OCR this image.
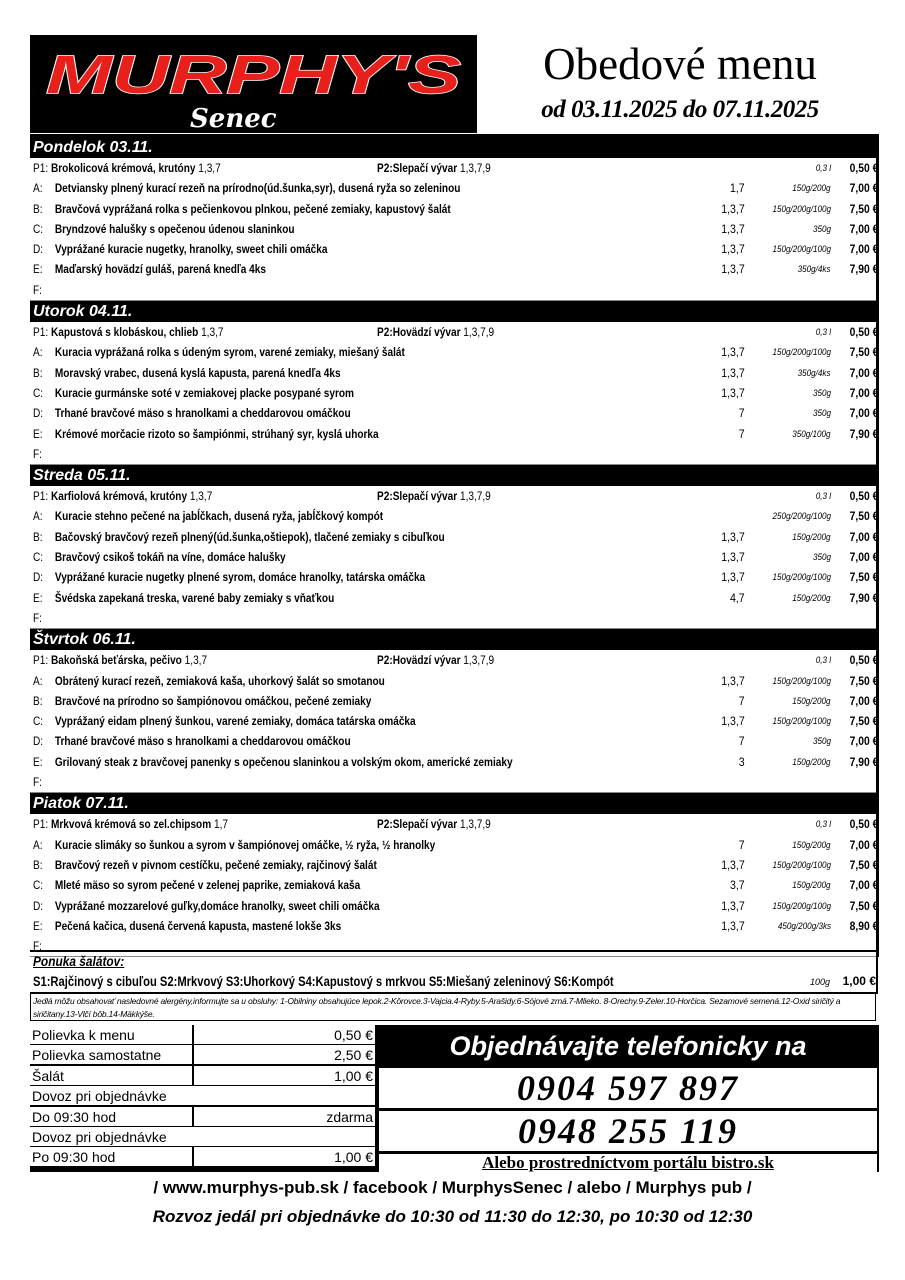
MURPHY'S
Senec
Obedové menu
od 03.11.2025 do 07.11.2025
Pondelok 03.11.
P1: Brokolicová krémová, krutóny 1,3,7	P2:Slepačí vývar 1,3,7,9	0,3 l 0,50 €
A: Detviansky plnený kurací rezeň na prírodno(úd.šunka,syr), dusená ryža so zeleninou	1,7	150g/200g 7,00 €
B: Bravčová vyprážaná rolka s pečienkovou plnkou, pečené zemiaky, kapustový šalát	1,3,7	150g/200g/100g 7,50 €
C: Bryndzové halušky s opečenou údenou slaninkou	1,3,7	350g 7,00 €
D: Vyprážané kuracie nugetky, hranolky, sweet chili omáčka	1,3,7	150g/200g/100g 7,00 €
E: Maďarský hovädzí guláš, parená knedľa 4ks	1,3,7	350g/4ks 7,90 €
F:
Utorok 04.11.
P1: Kapustová s klobáskou, chlieb 1,3,7	P2:Hovädzí vývar 1,3,7,9	0,3 l 0,50 €
A: Kuracia vyprážaná rolka s údeným syrom, varené zemiaky, miešaný šalát	1,3,7	150g/200g/100g 7,50 €
B: Moravský vrabec, dusená kyslá kapusta, parená knedľa 4ks	1,3,7	350g/4ks 7,00 €
C: Kuracie gurmánske soté v zemiakovej placke posypané syrom	1,3,7	350g 7,00 €
D: Trhané bravčové mäso s hranolkami a cheddarovou omáčkou	7	350g 7,00 €
E: Krémové morčacie rizoto so šampiónmi, strúhaný syr, kyslá uhorka	7	350g/100g 7,90 €
F:
Streda 05.11.
P1: Karfiolová krémová, krutóny 1,3,7	P2:Slepačí vývar 1,3,7,9	0,3 l 0,50 €
A: Kuracie stehno pečené na jabĺčkach, dusená ryža, jabĺčkový kompót	250g/200g/100g 7,50 €
B: Bačovský bravčový rezeň plnený(úd.šunka,oštiepok), tlačené zemiaky s cibuľkou	1,3,7	150g/200g 7,00 €
C: Bravčový csikoš tokáň na víne, domáce halušky	1,3,7	350g 7,00 €
D: Vyprážané kuracie nugetky plnené syrom, domáce hranolky, tatárska omáčka	1,3,7	150g/200g/100g 7,50 €
E: Švédska zapekaná treska, varené baby zemiaky s vňaťkou	4,7	150g/200g 7,90 €
F:
Štvrtok 06.11.
P1: Bakoňská beťárska, pečivo 1,3,7	P2:Hovädzí vývar 1,3,7,9	0,3 l 0,50 €
A: Obrátený kurací rezeň, zemiaková kaša, uhorkový šalát so smotanou	1,3,7	150g/200g/100g 7,50 €
B: Bravčové na prírodno so šampiónovou omáčkou, pečené zemiaky	7	150g/200g 7,00 €
C: Vyprážaný eidam plnený šunkou, varené zemiaky, domáca tatárska omáčka	1,3,7	150g/200g/100g 7,50 €
D: Trhané bravčové mäso s hranolkami a cheddarovou omáčkou	7	350g 7,00 €
E: Grilovaný steak z bravčovej panenky s opečenou slaninkou a volským okom, americké zemiaky	3	150g/200g 7,90 €
F:
Piatok 07.11.
P1: Mrkvová krémová so zel.chipsom 1,7	P2:Slepačí vývar 1,3,7,9	0,3 l 0,50 €
A: Kuracie slimáky so šunkou a syrom v šampiónovej omáčke, ½ ryža, ½ hranolky	7	150g/200g 7,00 €
B: Bravčový rezeň v pivnom cestíčku, pečené zemiaky, rajčinový šalát	1,3,7	150g/200g/100g 7,50 €
C: Mleté mäso so syrom pečené v zelenej paprike, zemiaková kaša	3,7	150g/200g 7,00 €
D: Vyprážané mozzarelové guľky,domáce hranolky, sweet chili omáčka	1,3,7	150g/200g/100g 7,50 €
E: Pečená kačica, dusená červená kapusta, mastené lokše 3ks	1,3,7	450g/200g/3ks 8,90 €
F:
Ponuka šalátov:
S1:Rajčinový s cibuľou S2:Mrkvový S3:Uhorkový S4:Kapustový s mrkvou S5:Miešaný zeleninový S6:Kompót	100g 1,00 €
Jedlá môžu obsahovať nasledovné alergény,informujte sa u obsluhy: 1-Obilniny obsahujúce lepok.2-Kôrovce.3-Vajcia.4-Ryby.5-Arašidy.6-Sójové zrná.7-Mlieko. 8-Orechy.9-Zeler.10-Horčica. Sezamové semená.12-Oxid siričitý a siričitany.13-Vlčí bôb.14-Mäkkýše.
Polievka k menu	0,50 €
Polievka samostatne	2,50 €
Šalát	1,00 €
Dovoz pri objednávke
Do 09:30 hod	zdarma
Dovoz pri objednávke
Po 09:30 hod	1,00 €
Objednávajte telefonicky na
0904 597 897
0948 255 119
Alebo prostredníctvom portálu bistro.sk
/ www.murphys-pub.sk / facebook / MurphysSenec / alebo / Murphys pub /
Rozvoz jedál pri objednávke do 10:30 od 11:30 do 12:30, po 10:30 od 12:30
